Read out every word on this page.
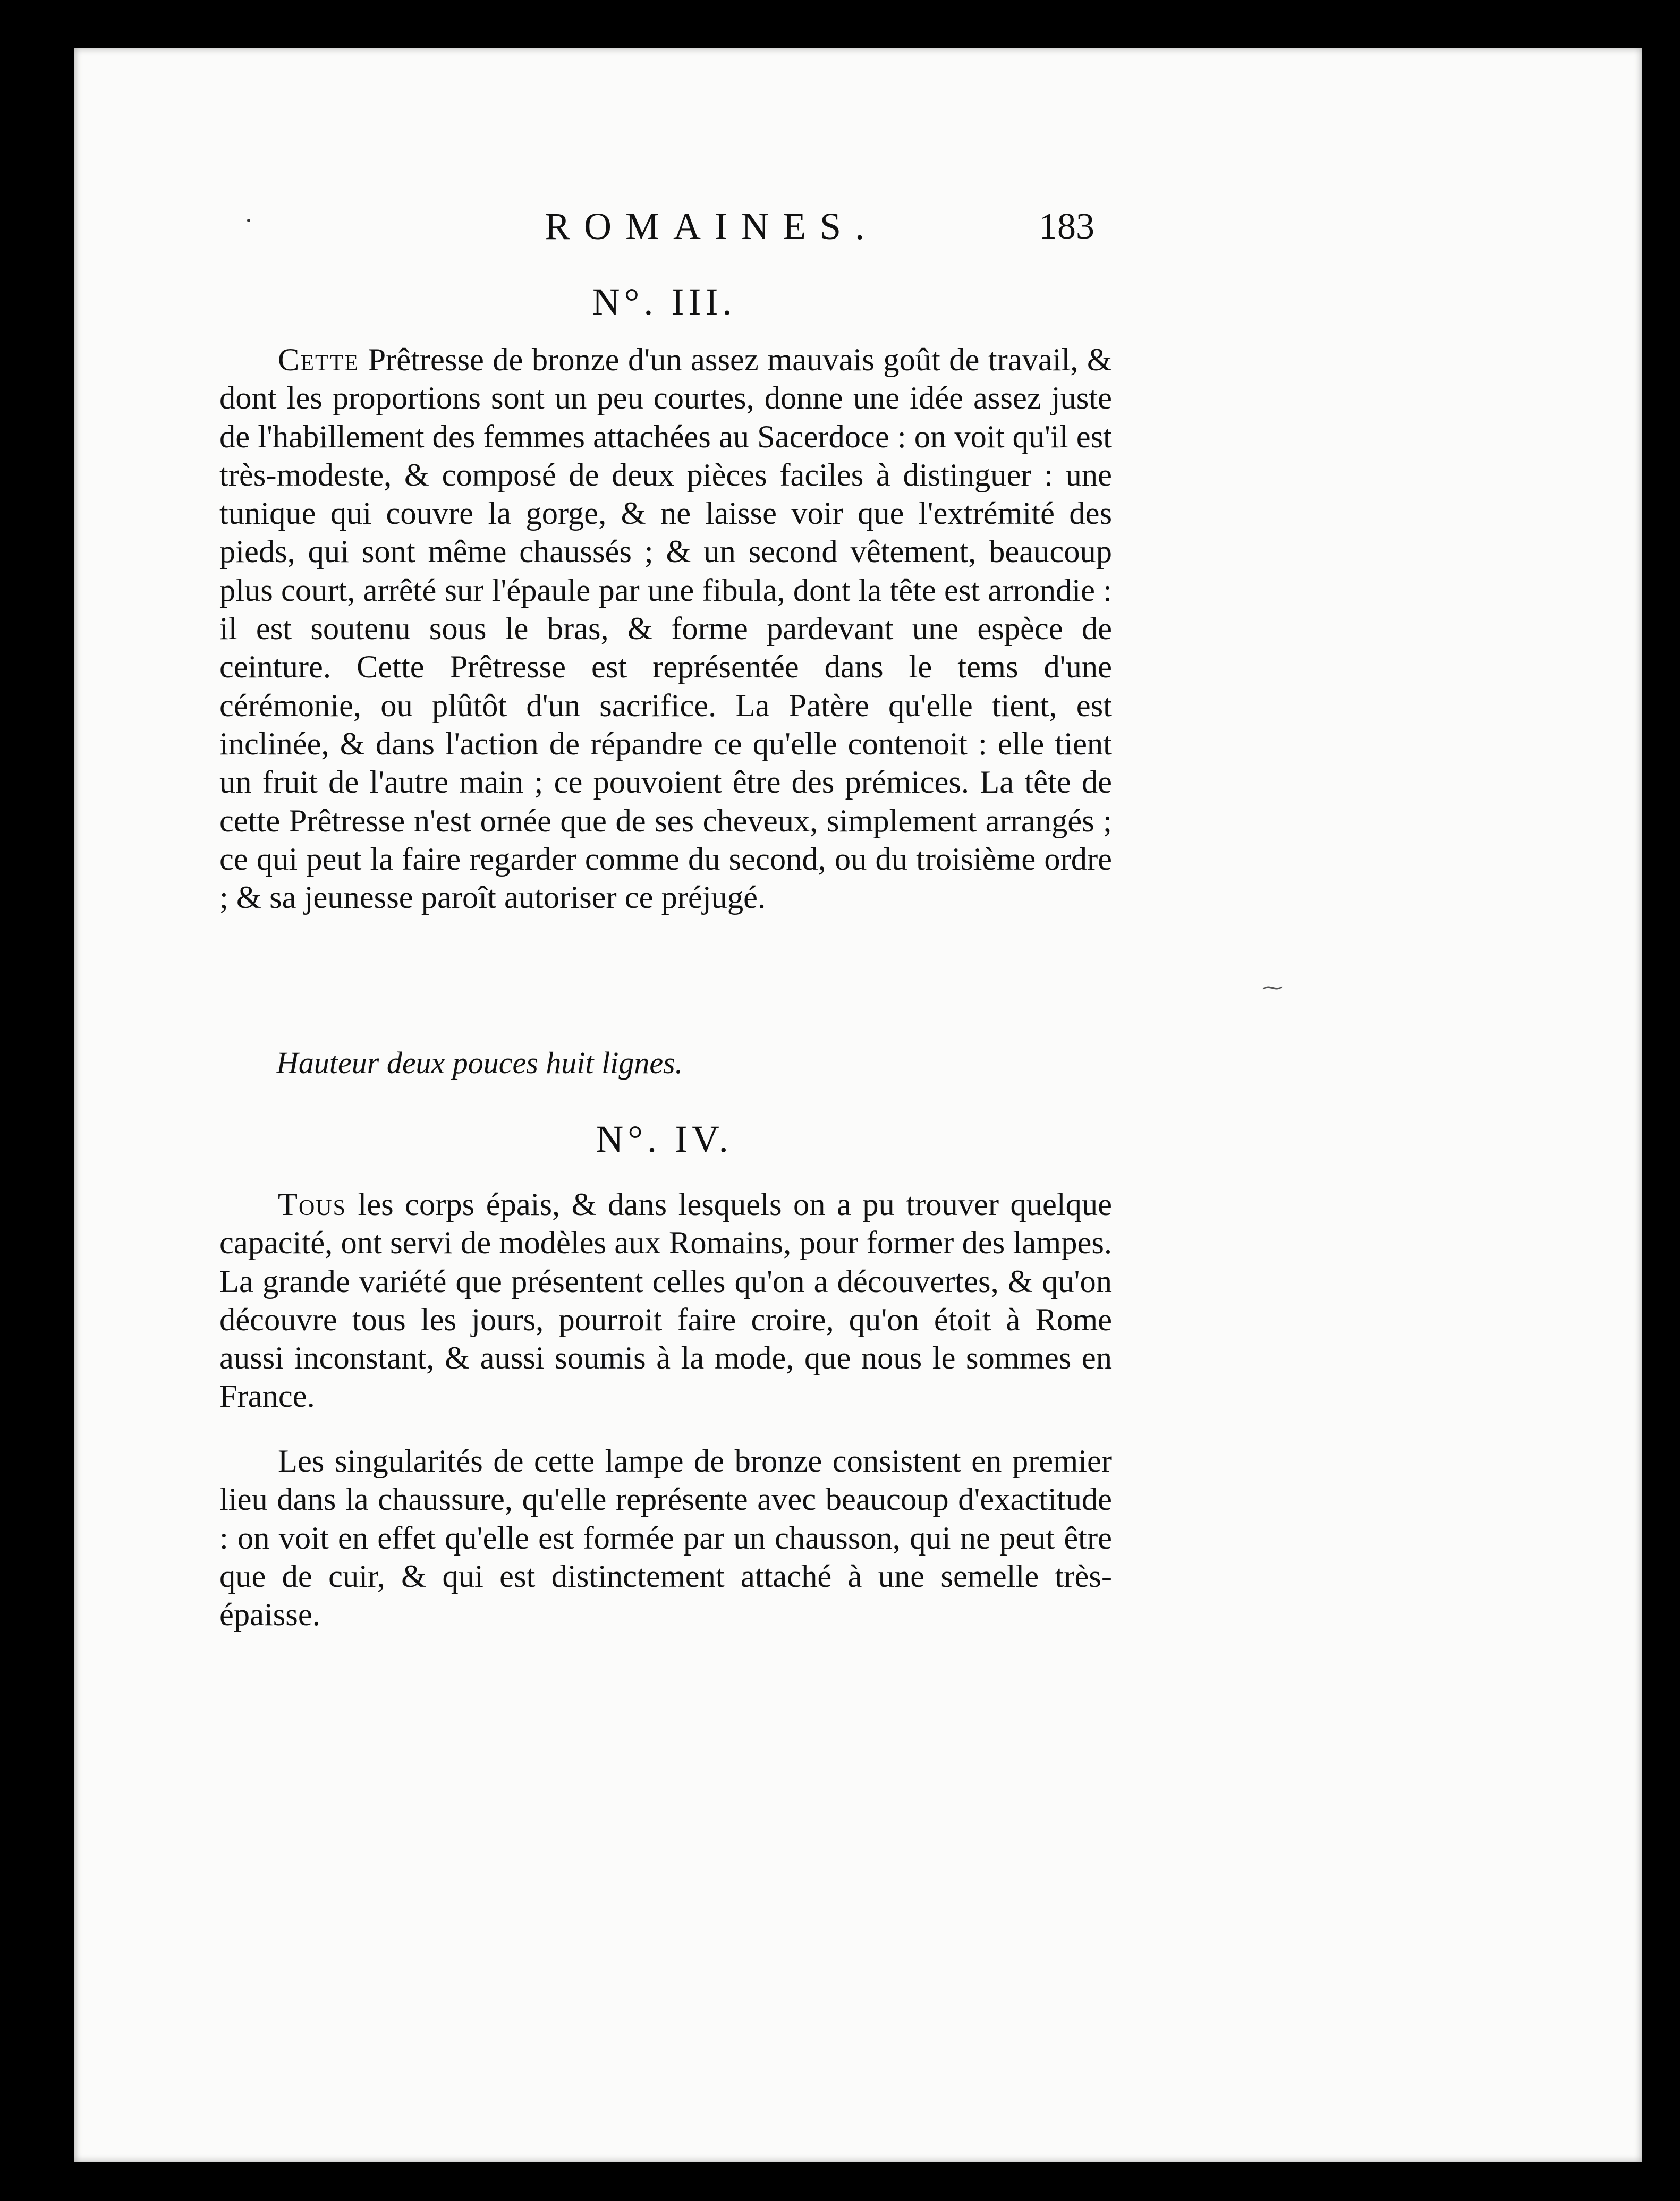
ROMAINES.	183
N°. III.
Cette Prêtresse de bronze d'un assez mauvais goût de travail, & dont les proportions sont un peu courtes, donne une idée assez juste de l'habillement des femmes attachées au Sacerdoce : on voit qu'il est très-modeste, & composé de deux pièces faciles à distinguer : une tunique qui couvre la gorge, & ne laisse voir que l'extrémité des pieds, qui sont même chaussés ; & un second vêtement, beaucoup plus court, arrêté sur l'épaule par une fibula, dont la tête est arrondie : il est soutenu sous le bras, & forme pardevant une espèce de ceinture. Cette Prêtresse est représentée dans le tems d'une cérémonie, ou plûtôt d'un sacrifice. La Patère qu'elle tient, est inclinée, & dans l'action de répandre ce qu'elle contenoit : elle tient un fruit de l'autre main ; ce pouvoient être des prémices. La tête de cette Prêtresse n'est ornée que de ses cheveux, simplement arrangés ; ce qui peut la faire regarder comme du second, ou du troisième ordre ; & sa jeunesse paroît autoriser ce préjugé.
Hauteur deux pouces huit lignes.
⁓
N°. IV.
Tous les corps épais, & dans lesquels on a pu trouver quelque capacité, ont servi de modèles aux Romains, pour former des lampes. La grande variété que présentent celles qu'on a découvertes, & qu'on découvre tous les jours, pourroit faire croire, qu'on étoit à Rome aussi inconstant, & aussi soumis à la mode, que nous le sommes en France.
Les singularités de cette lampe de bronze consistent en premier lieu dans la chaussure, qu'elle représente avec beaucoup d'exactitude : on voit en effet qu'elle est formée par un chausson, qui ne peut être que de cuir, & qui est distinctement attaché à une semelle très-épaisse.
